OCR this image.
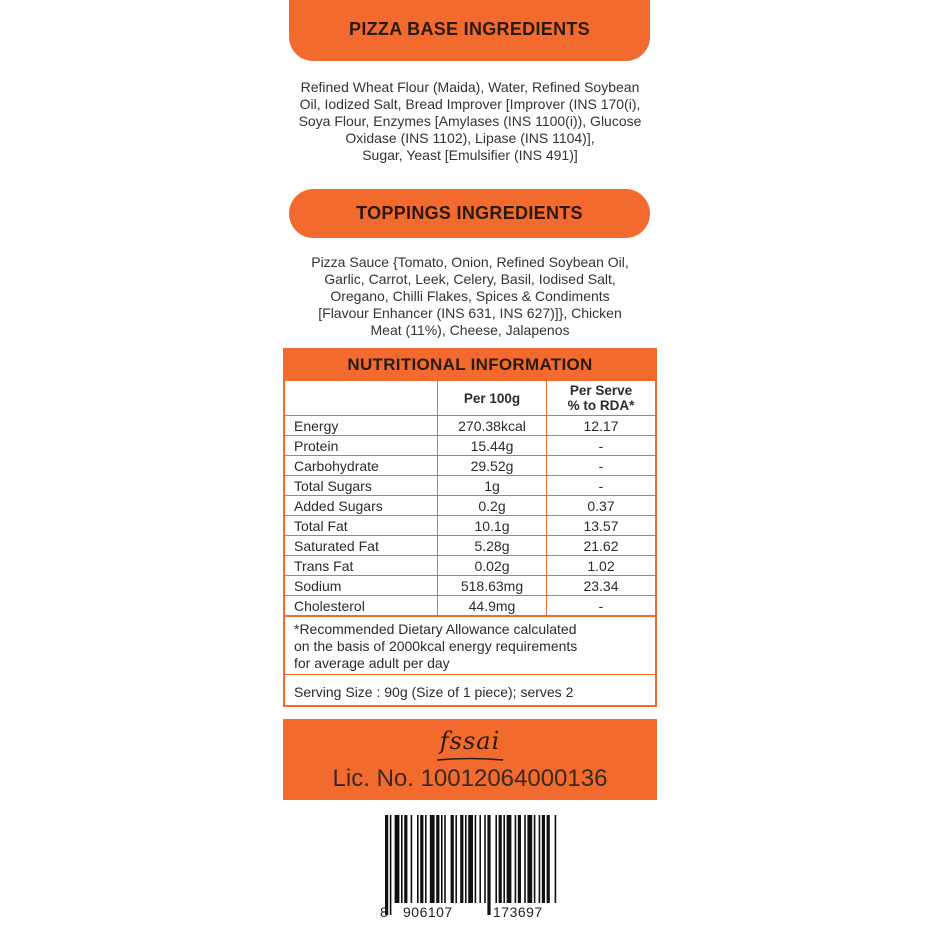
PIZZA BASE INGREDIENTS
Refined Wheat Flour (Maida), Water, Refined Soybean
Oil, Iodized Salt, Bread Improver [Improver (INS 170(i),
Soya Flour, Enzymes [Amylases (INS 1100(i)), Glucose
Oxidase (INS 1102), Lipase (INS 1104)],
Sugar, Yeast [Emulsifier (INS 491)]
TOPPINGS INGREDIENTS
Pizza Sauce {Tomato, Onion, Refined Soybean Oil,
Garlic, Carrot, Leek, Celery, Basil, Iodised Salt,
Oregano, Chilli Flakes, Spices & Condiments
[Flavour Enhancer (INS 631, INS 627)]}, Chicken
Meat (11%), Cheese, Jalapenos
NUTRITIONAL INFORMATION
	Per 100g	Per Serve
% to RDA*

Energy	270.38kcal	12.17
Protein	15.44g	-
Carbohydrate	29.52g	-
Total Sugars	1g	-
Added Sugars	0.2g	0.37
Total Fat	10.1g	13.57
Saturated Fat	5.28g	21.62
Trans Fat	0.02g	1.02
Sodium	518.63mg	23.34
Cholesterol	44.9mg	-
*Recommended Dietary Allowance calculated
on the basis of 2000kcal energy requirements
for average adult per day
Serving Size : 90g (Size of 1 piece); serves 2
fssai
Lic. No. 10012064000136
8 906107	173697
